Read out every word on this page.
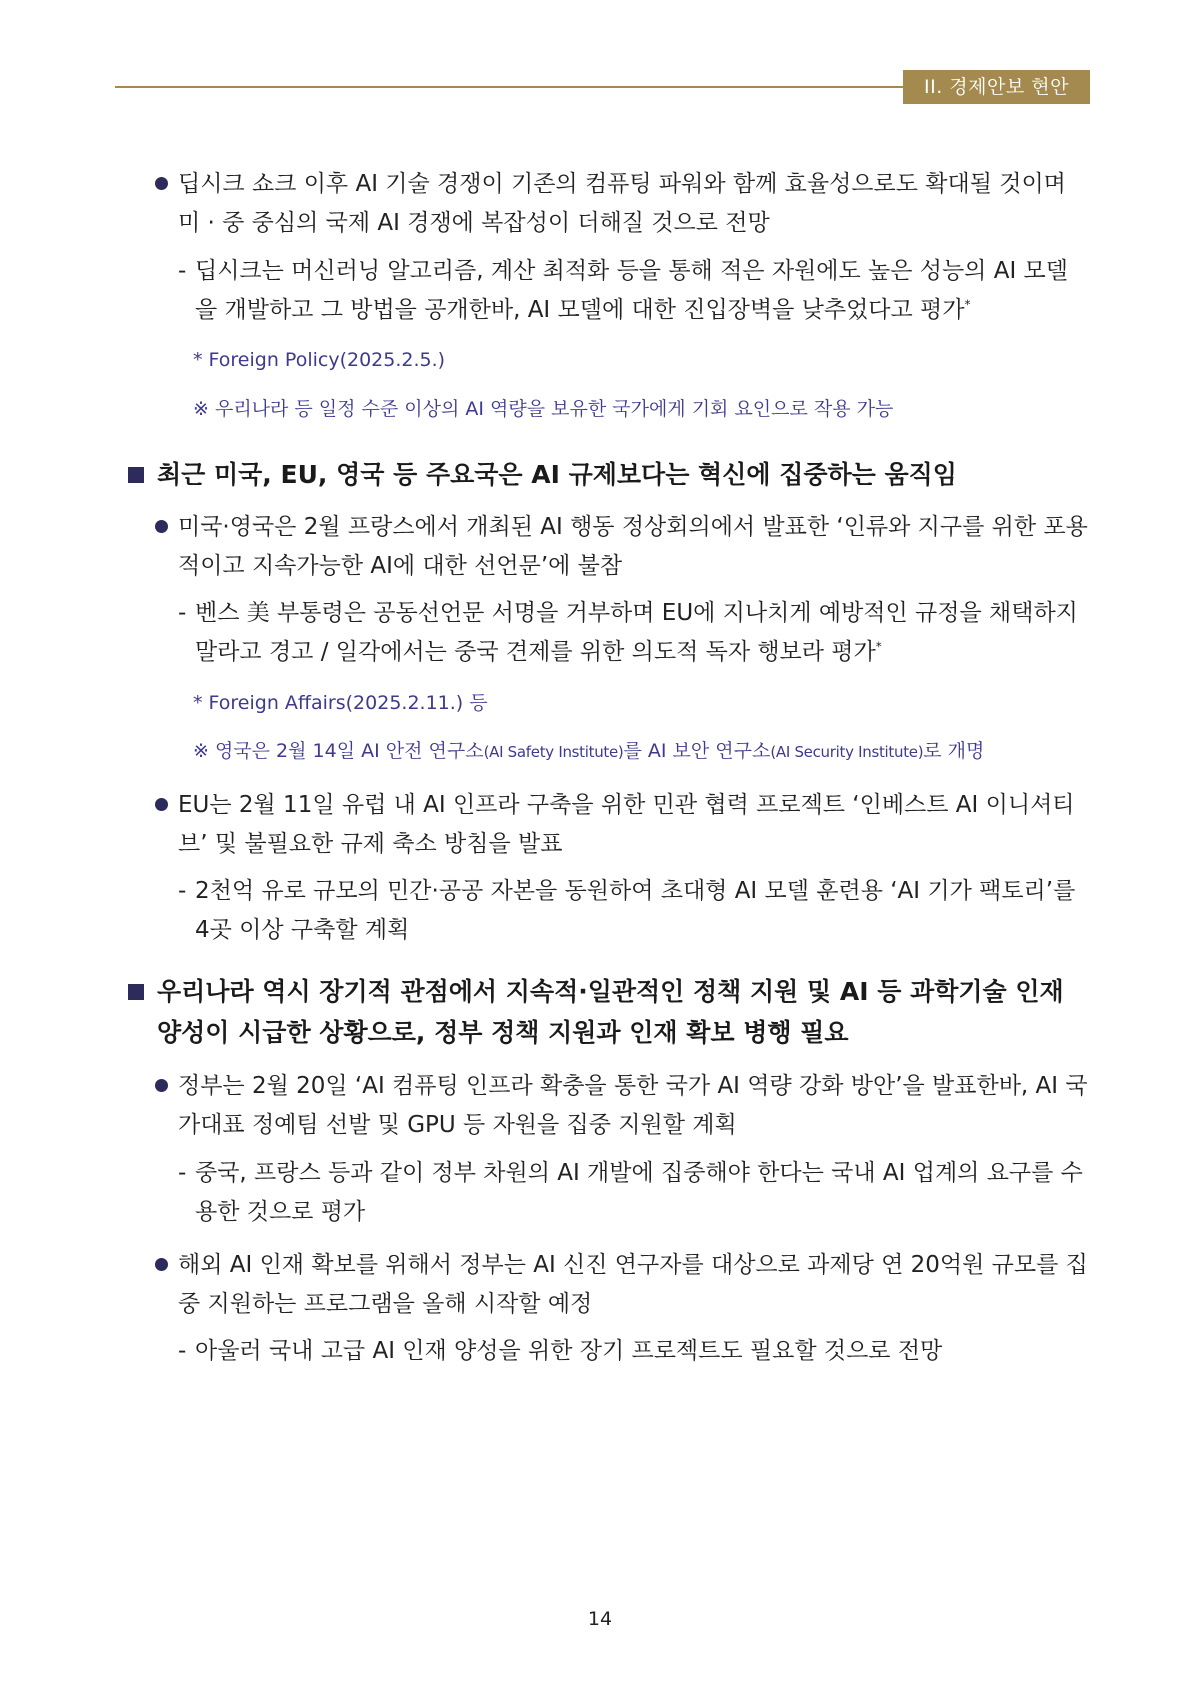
II. 경제안보 현안
딥시크 쇼크 이후 AI 기술 경쟁이 기존의 컴퓨팅 파워와 함께 효율성으로도 확대될 것이며 미 · 중 중심의 국제 AI 경쟁에 복잡성이 더해질 것으로 전망
- 딥시크는 머신러닝 알고리즘, 계산 최적화 등을 통해 적은 자원에도 높은 성능의 AI 모델을 개발하고 그 방법을 공개한바, AI 모델에 대한 진입장벽을 낮추었다고 평가*
* Foreign Policy(2025.2.5.)
※ 우리나라 등 일정 수준 이상의 AI 역량을 보유한 국가에게 기회 요인으로 작용 가능
최근 미국, EU, 영국 등 주요국은 AI 규제보다는 혁신에 집중하는 움직임
미국·영국은 2월 프랑스에서 개최된 AI 행동 정상회의에서 발표한 ‘인류와 지구를 위한 포용적이고 지속가능한 AI에 대한 선언문’에 불참
- 벤스 美 부통령은 공동선언문 서명을 거부하며 EU에 지나치게 예방적인 규정을 채택하지 말라고 경고 / 일각에서는 중국 견제를 위한 의도적 독자 행보라 평가*
* Foreign Affairs(2025.2.11.) 등
※ 영국은 2월 14일 AI 안전 연구소(AI Safety Institute)를 AI 보안 연구소(AI Security Institute)로 개명
EU는 2월 11일 유럽 내 AI 인프라 구축을 위한 민관 협력 프로젝트 ‘인베스트 AI 이니셔티브’ 및 불필요한 규제 축소 방침을 발표
- 2천억 유로 규모의 민간·공공 자본을 동원하여 초대형 AI 모델 훈련용 ‘AI 기가 팩토리’를 4곳 이상 구축할 계획
우리나라 역시 장기적 관점에서 지속적·일관적인 정책 지원 및 AI 등 과학기술 인재 양성이 시급한 상황으로, 정부 정책 지원과 인재 확보 병행 필요
정부는 2월 20일 ‘AI 컴퓨팅 인프라 확충을 통한 국가 AI 역량 강화 방안’을 발표한바, AI 국가대표 정예팀 선발 및 GPU 등 자원을 집중 지원할 계획
- 중국, 프랑스 등과 같이 정부 차원의 AI 개발에 집중해야 한다는 국내 AI 업계의 요구를 수용한 것으로 평가
해외 AI 인재 확보를 위해서 정부는 AI 신진 연구자를 대상으로 과제당 연 20억원 규모를 집중 지원하는 프로그램을 올해 시작할 예정
- 아울러 국내 고급 AI 인재 양성을 위한 장기 프로젝트도 필요할 것으로 전망
14
